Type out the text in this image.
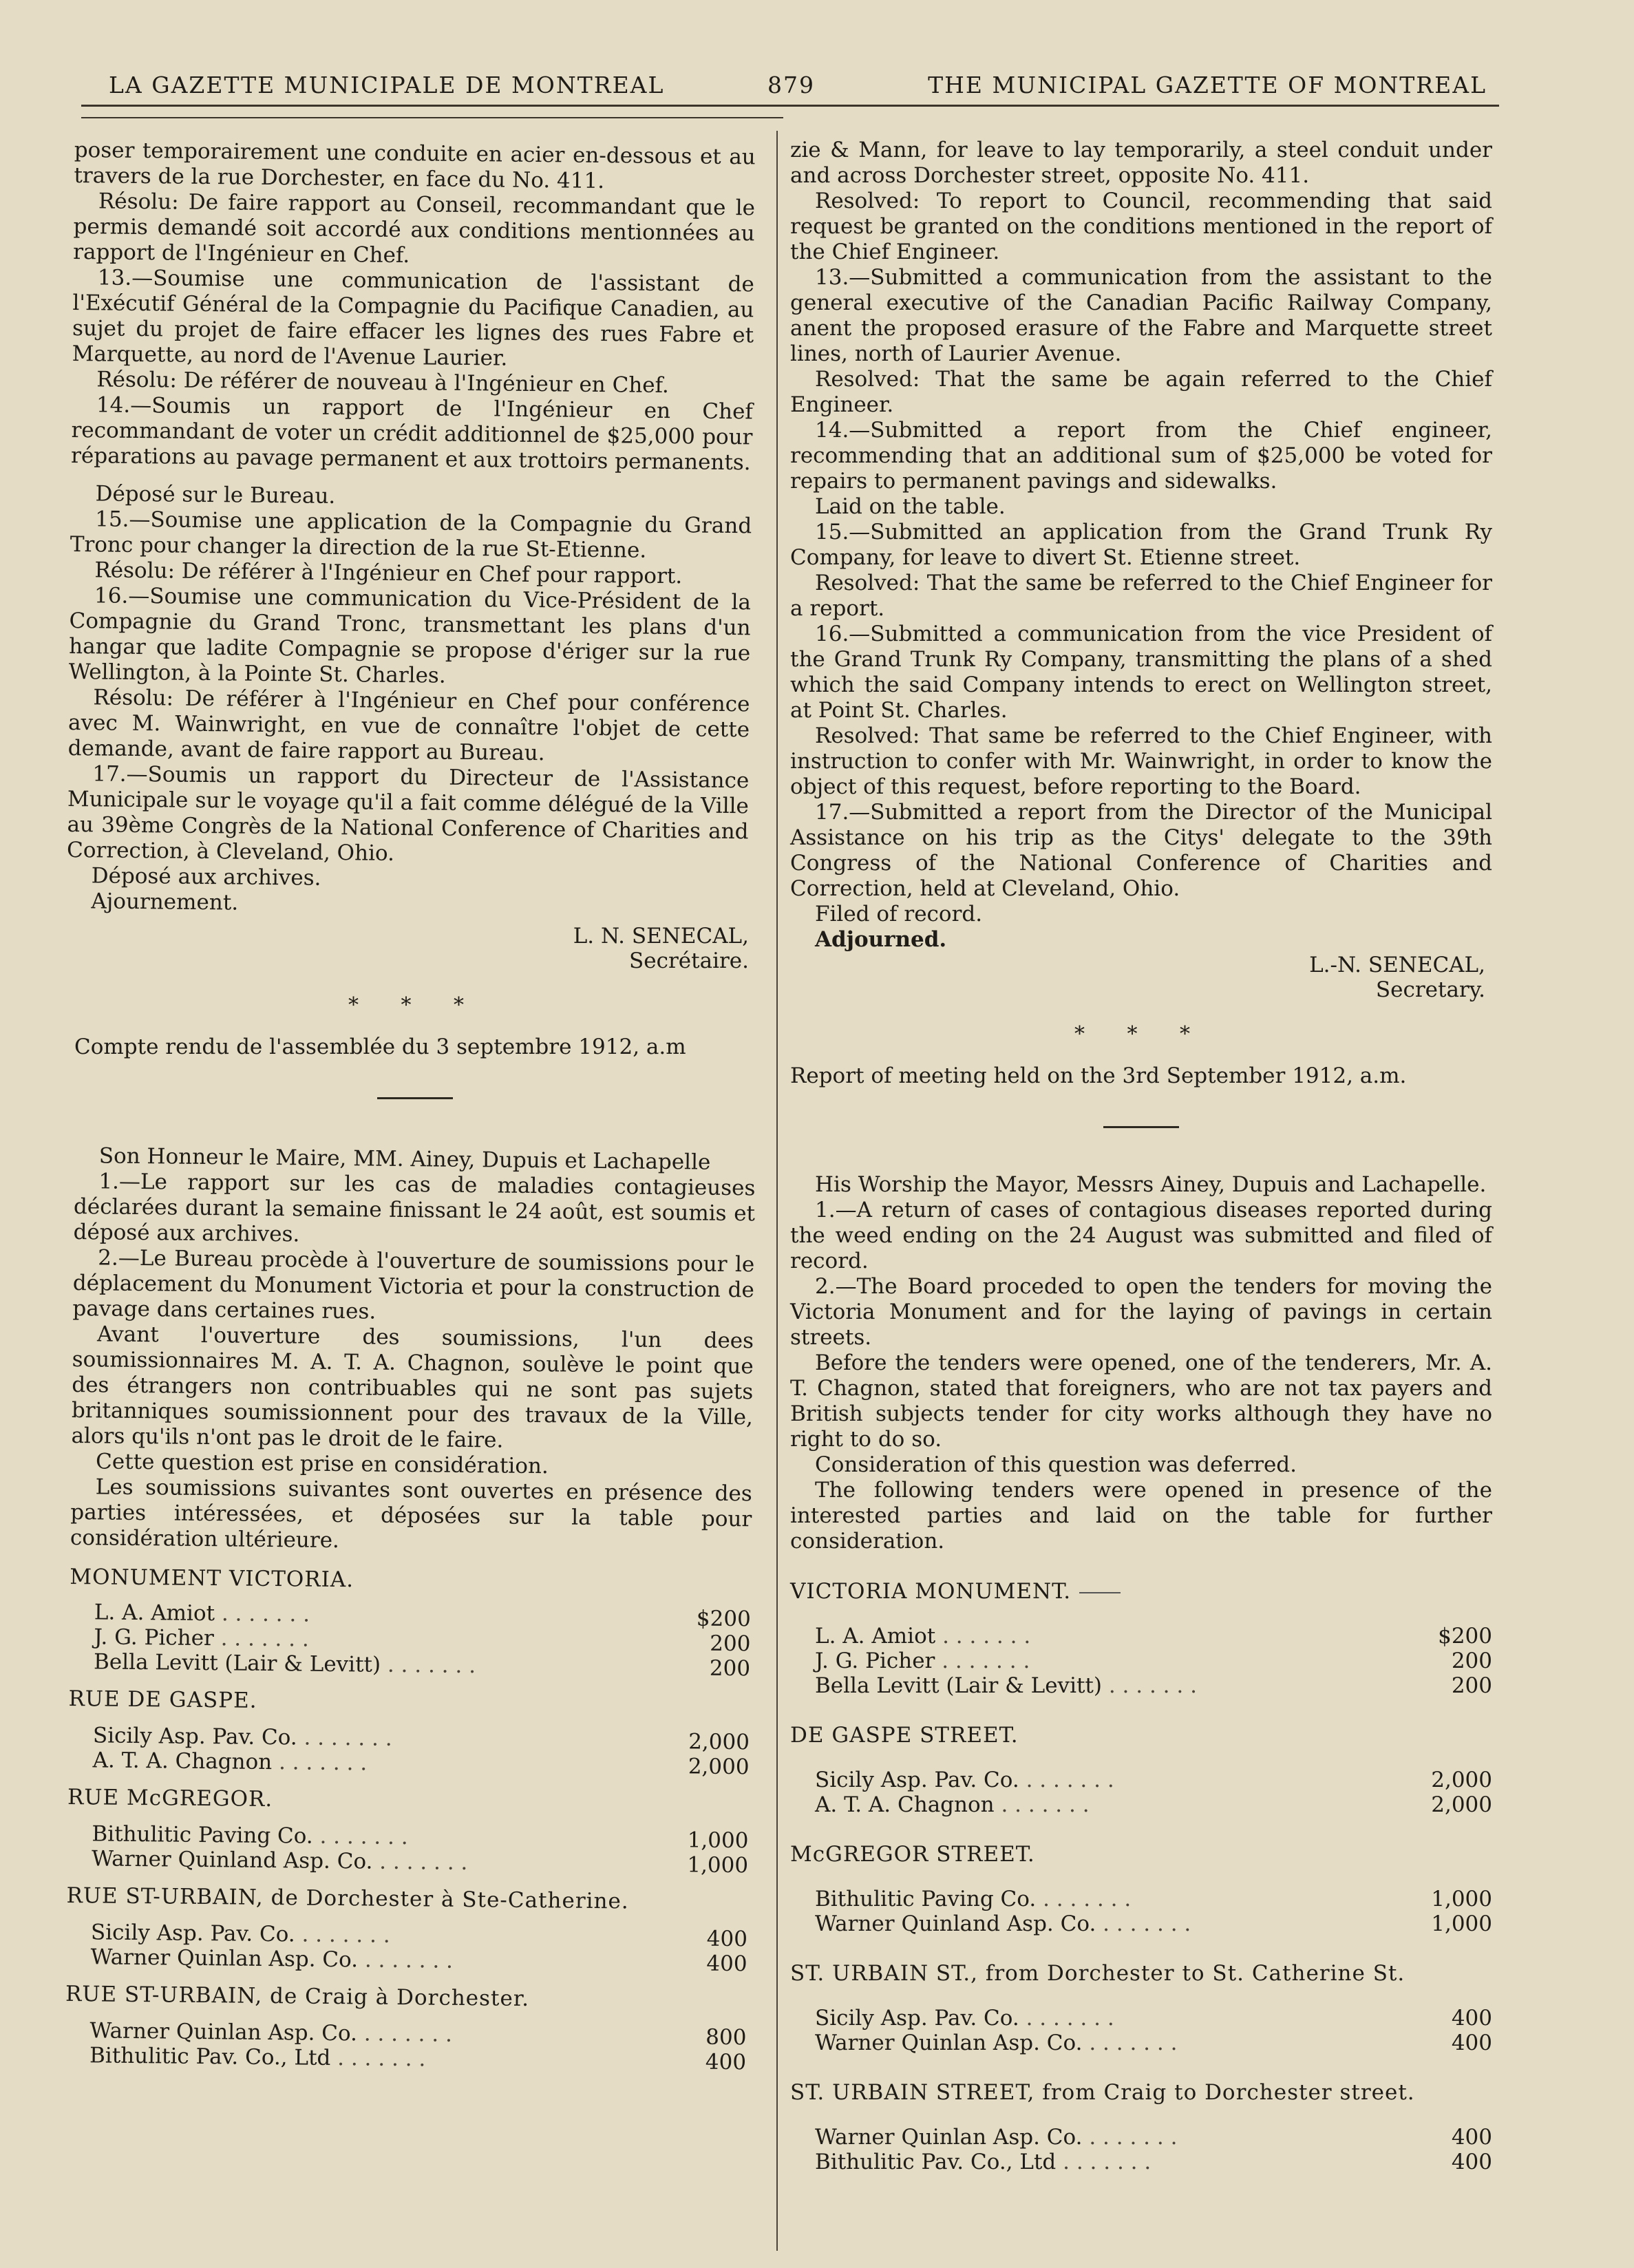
LA GAZETTE MUNICIPALE DE MONTREAL	879	THE MUNICIPAL GAZETTE OF MONTREAL

poser temporairement une conduite en acier en-dessous et au travers de la rue Dorchester, en face du No. 411.

Résolu: De faire rapport au Conseil, recommandant que le permis demandé soit accordé aux conditions mentionnées au rapport de l'Ingénieur en Chef.

13.—Soumise une communication de l'assistant de l'Exécutif Général de la Compagnie du Pacifique Canadien, au sujet du projet de faire effacer les lignes des rues Fabre et Marquette, au nord de l'Avenue Laurier.

Résolu: De référer de nouveau à l'Ingénieur en Chef.

14.—Soumis un rapport de l'Ingénieur en Chef recommandant de voter un crédit additionnel de $25,000 pour réparations au pavage permanent et aux trottoirs permanents.

Déposé sur le Bureau.

15.—Soumise une application de la Compagnie du Grand Tronc pour changer la direction de la rue St-Etienne.

Résolu: De référer à l'Ingénieur en Chef pour rapport.

16.—Soumise une communication du Vice-Président de la Compagnie du Grand Tronc, transmettant les plans d'un hangar que ladite Compagnie se propose d'ériger sur la rue Wellington, à la Pointe St. Charles.

Résolu: De référer à l'Ingénieur en Chef pour conférence avec M. Wainwright, en vue de connaître l'objet de cette demande, avant de faire rapport au Bureau.

17.—Soumis un rapport du Directeur de l'Assistance Municipale sur le voyage qu'il a fait comme délégué de la Ville au 39ème Congrès de la National Conference of Charities and Correction, à Cleveland, Ohio.

Déposé aux archives.

Ajournement.

L. N. SENECAL,
Secrétaire.
* * *

Compte rendu de l'assemblée du 3 septembre 1912, a.m

Son Honneur le Maire, MM. Ainey, Dupuis et Lachapelle

1.—Le rapport sur les cas de maladies contagieuses déclarées durant la semaine finissant le 24 août, est soumis et déposé aux archives.

2.—Le Bureau procède à l'ouverture de soumissions pour le déplacement du Monument Victoria et pour la construction de pavage dans certaines rues.

Avant l'ouverture des soumissions, l'un dees soumissionnaires M. A. T. A. Chagnon, soulève le point que des étrangers non contribuables qui ne sont pas sujets britanniques soumissionnent pour des travaux de la Ville, alors qu'ils n'ont pas le droit de le faire.

Cette question est prise en considération.

Les soumissions suivantes sont ouvertes en présence des parties intéressées, et déposées sur la table pour considération ultérieure.

MONUMENT VICTORIA.
L. A. Amiot . .	$200
J. G. Picher . .	200
Bella Levitt (Lair & Levitt) . .	200
RUE DE GASPE.
Sicily Asp. Pav. Co. . .	2,000
A. T. A. Chagnon . .	2,000
RUE McGREGOR.
Bithulitic Paving Co. . .	1,000
Warner Quinland Asp. Co. . .	1,000
RUE ST-URBAIN, de Dorchester à Ste-Catherine.
Sicily Asp. Pav. Co. . .	400
Warner Quinlan Asp. Co. . .	400
RUE ST-URBAIN, de Craig à Dorchester.
Warner Quinlan Asp. Co. . .	800
Bithulitic Pav. Co., Ltd . .	400

zie & Mann, for leave to lay temporarily, a steel conduit under and across Dorchester street, opposite No. 411.

Resolved: To report to Council, recommending that said request be granted on the conditions mentioned in the report of the Chief Engineer.

13.—Submitted a communication from the assistant to the general executive of the Canadian Pacific Railway Company, anent the proposed erasure of the Fabre and Marquette street lines, north of Laurier Avenue.

Resolved: That the same be again referred to the Chief Engineer.

14.—Submitted a report from the Chief engineer, recommending that an additional sum of $25,000 be voted for repairs to permanent pavings and sidewalks.

Laid on the table.

15.—Submitted an application from the Grand Trunk Ry Company, for leave to divert St. Etienne street.

Resolved: That the same be referred to the Chief Engineer for a report.

16.—Submitted a communication from the vice President of the Grand Trunk Ry Company, transmitting the plans of a shed which the said Company intends to erect on Wellington street, at Point St. Charles.

Resolved: That same be referred to the Chief Engineer, with instruction to confer with Mr. Wainwright, in order to know the object of this request, before reporting to the Board.

17.—Submitted a report from the Director of the Municipal Assistance on his trip as the Citys' delegate to the 39th Congress of the National Conference of Charities and Correction, held at Cleveland, Ohio.

Filed of record.

Adjourned.

L.-N. SENECAL,
Secretary.
* * *

Report of meeting held on the 3rd September 1912, a.m.

His Worship the Mayor, Messrs Ainey, Dupuis and Lachapelle.

1.—A return of cases of contagious diseases reported during the weed ending on the 24 August was submitted and filed of record.

2.—The Board proceded to open the tenders for moving the Victoria Monument and for the laying of pavings in certain streets.

Before the tenders were opened, one of the tenderers, Mr. A. T. Chagnon, stated that foreigners, who are not tax payers and British subjects tender for city works although they have no right to do so.

Consideration of this question was deferred.

The following tenders were opened in presence of the interested parties and laid on the table for further consideration.

VICTORIA MONUMENT.
L. A. Amiot . .	$200
J. G. Picher . .	200
Bella Levitt (Lair & Levitt) . .	200
DE GASPE STREET.
Sicily Asp. Pav. Co. . .	2,000
A. T. A. Chagnon . .	2,000
McGREGOR STREET.
Bithulitic Paving Co. . .	1,000
Warner Quinland Asp. Co. . .	1,000
ST. URBAIN ST., from Dorchester to St. Catherine St.
Sicily Asp. Pav. Co. . .	400
Warner Quinlan Asp. Co. . .	400
ST. URBAIN STREET, from Craig to Dorchester street.
Warner Quinlan Asp. Co. . .	400
Bithulitic Pav. Co., Ltd . .	400
